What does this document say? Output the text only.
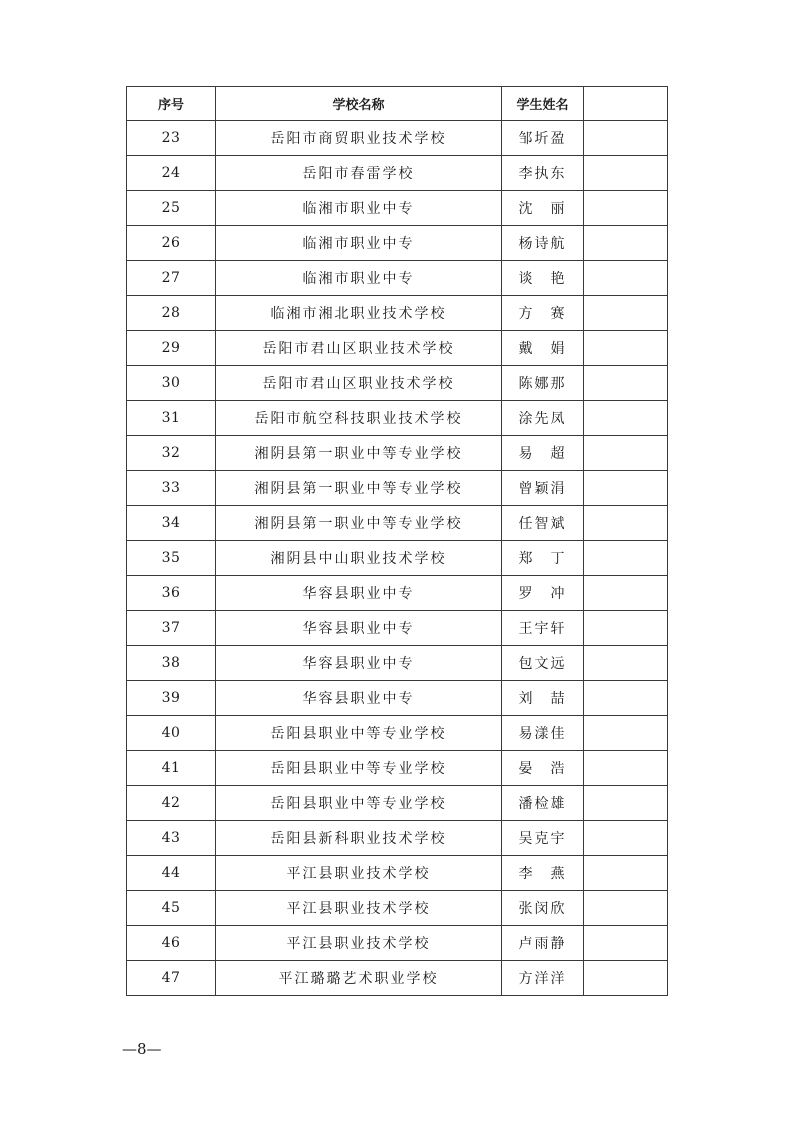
序号	学校名称	学生姓名	
23	岳阳市商贸职业技术学校	邹圻盈	
24	岳阳市春雷学校	李执东	
25	临湘市职业中专	沈　丽	
26	临湘市职业中专	杨诗航	
27	临湘市职业中专	谈　艳	
28	临湘市湘北职业技术学校	方　赛	
29	岳阳市君山区职业技术学校	戴　娟	
30	岳阳市君山区职业技术学校	陈娜那	
31	岳阳市航空科技职业技术学校	涂先凤	
32	湘阴县第一职业中等专业学校	易　超	
33	湘阴县第一职业中等专业学校	曾颖涓	
34	湘阴县第一职业中等专业学校	任智斌	
35	湘阴县中山职业技术学校	郑　丁	
36	华容县职业中专	罗　冲	
37	华容县职业中专	王宇轩	
38	华容县职业中专	包文远	
39	华容县职业中专	刘　喆	
40	岳阳县职业中等专业学校	易漾佳	
41	岳阳县职业中等专业学校	晏　浩	
42	岳阳县职业中等专业学校	潘检雄	
43	岳阳县新科职业技术学校	吴克宇	
44	平江县职业技术学校	李　燕	
45	平江县职业技术学校	张闵欣	
46	平江县职业技术学校	卢雨静	
47	平江璐璐艺术职业学校	方洋洋	
—8—
